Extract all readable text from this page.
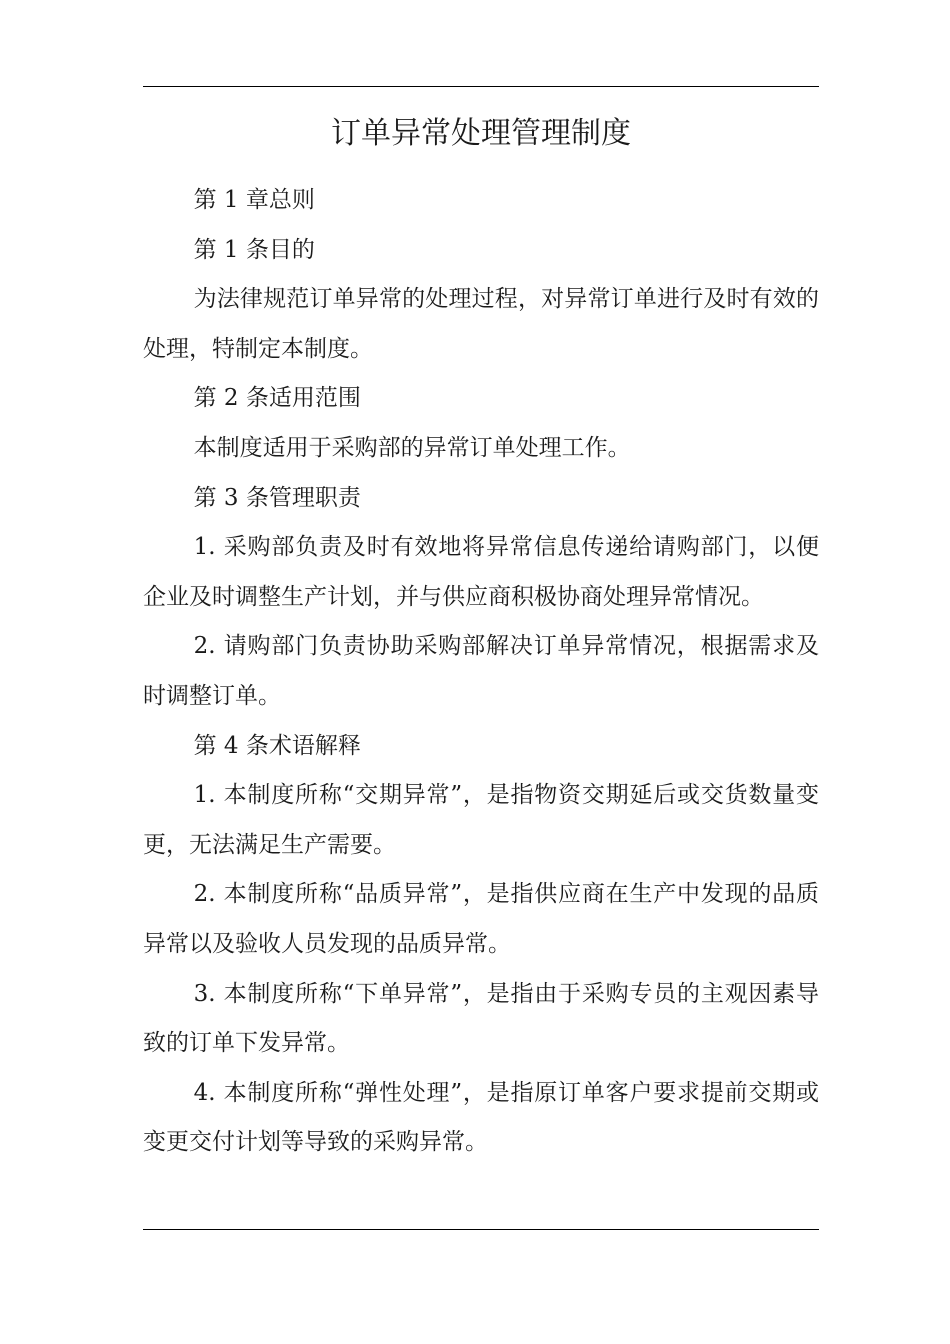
订单异常处理管理制度

第 1 章总则

第 1 条目的

为法律规范订单异常的处理过程，对异常订单进行及时有效的处理，特制定本制度。

第 2 条适用范围

本制度适用于采购部的异常订单处理工作。

第 3 条管理职责

1. 采购部负责及时有效地将异常信息传递给请购部门，以便企业及时调整生产计划，并与供应商积极协商处理异常情况。

2. 请购部门负责协助采购部解决订单异常情况，根据需求及时调整订单。

第 4 条术语解释

1. 本制度所称“交期异常”，是指物资交期延后或交货数量变更，无法满足生产需要。

2. 本制度所称“品质异常”，是指供应商在生产中发现的品质异常以及验收人员发现的品质异常。

3. 本制度所称“下单异常”，是指由于采购专员的主观因素导致的订单下发异常。

4. 本制度所称“弹性处理”，是指原订单客户要求提前交期或变更交付计划等导致的采购异常。
